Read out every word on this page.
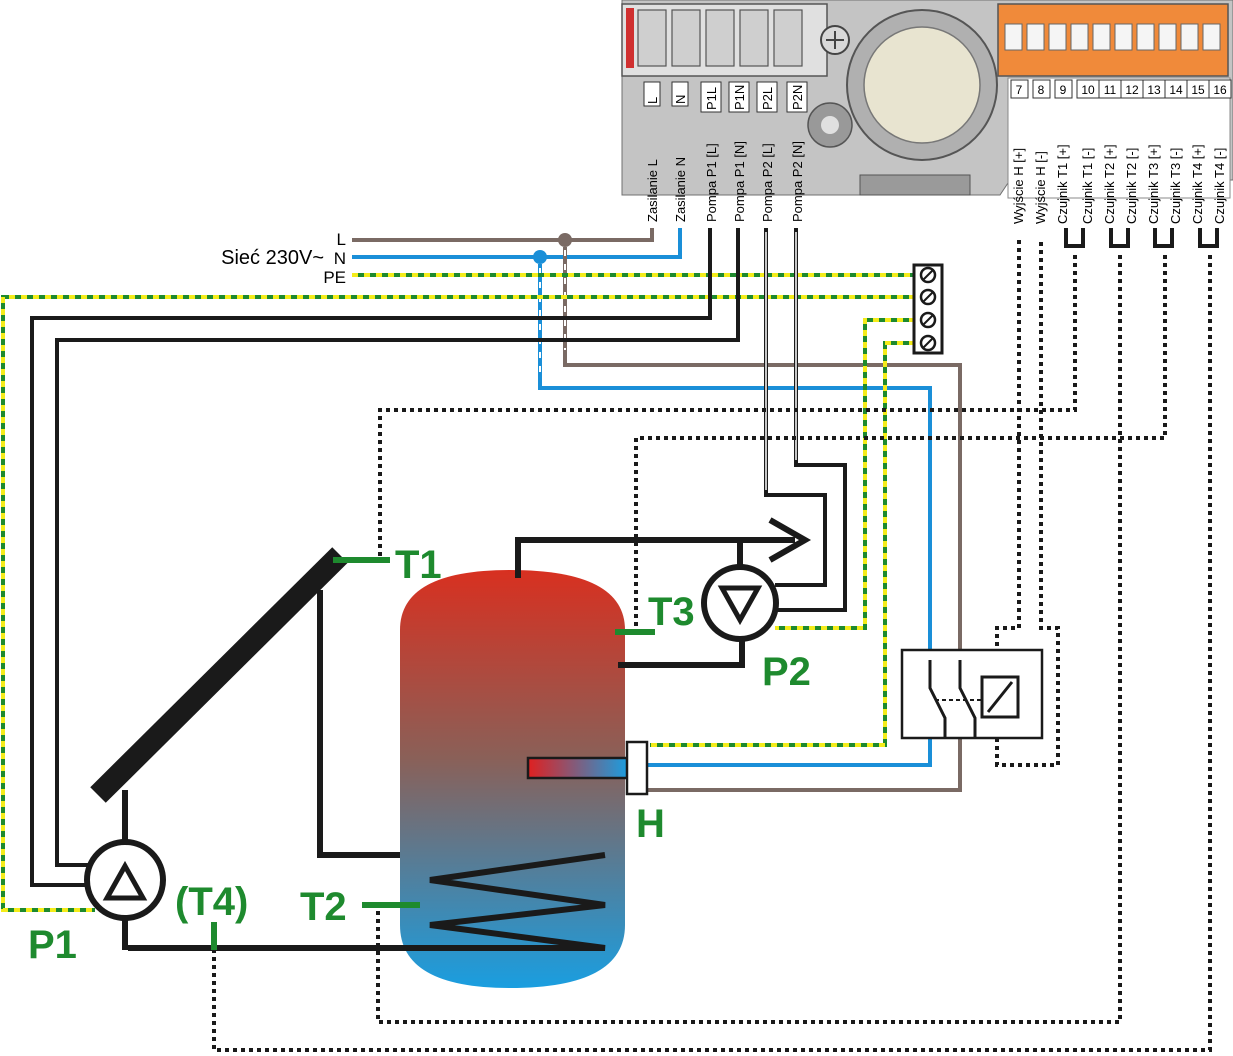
L N P1L P1N P2L P2N
Zasilanie L Zasilanie N Pompa P1 [L] Pompa P1 [N] Pompa P2 [L] Pompa P2 [N]
7 8 9 10 11 12 13 14 15 16
Wyjście H [+] Wyjście H [-] Czujnik T1 [+] Czujnik T1 [-] Czujnik T2 [+] Czujnik T2 [-] Czujnik T3 [+] Czujnik T3 [-] Czujnik T4 [+] Czujnik T4 [-]
L
N
PE
Sieć 230V~
T1
T3
P2
H
T2
(T4)
P1
